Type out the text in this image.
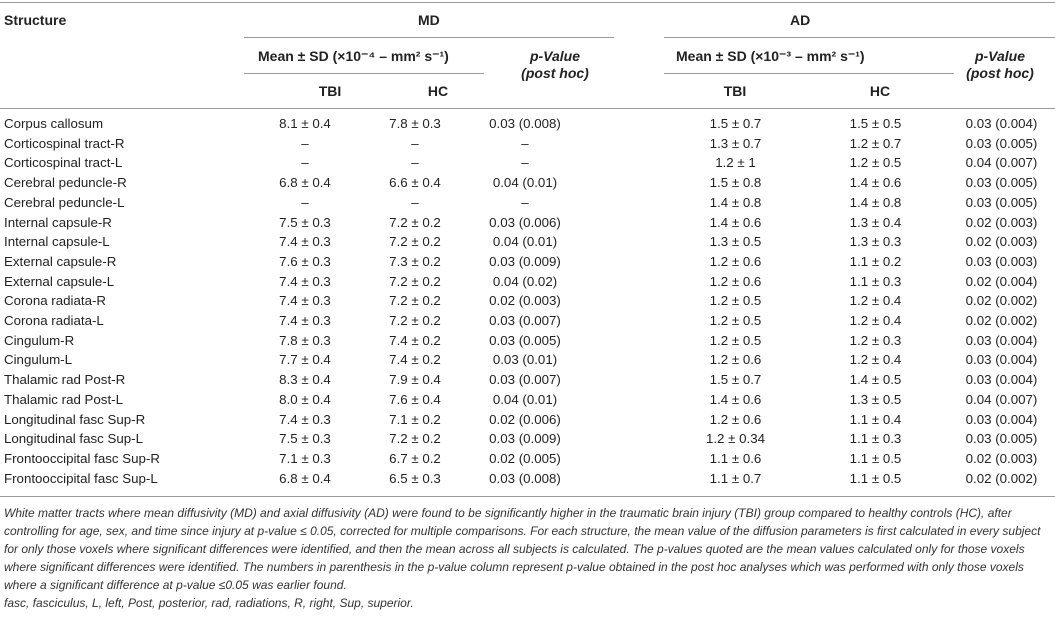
Structure	MD	AD
Mean ± SD (×10⁻⁴ – mm² s⁻¹)	p-Value
(post hoc)
Mean ± SD (×10⁻³ – mm² s⁻¹)	p-Value
(post hoc)
TBI	HC	TBI	HC
Corpus callosum	8.1 ± 0.4	7.8 ± 0.3	0.03 (0.008)		1.5 ± 0.7	1.5 ± 0.5	0.03 (0.004)
Corticospinal tract-R	–	–	–		1.3 ± 0.7	1.2 ± 0.7	0.03 (0.005)
Corticospinal tract-L	–	–	–		1.2 ± 1	1.2 ± 0.5	0.04 (0.007)
Cerebral peduncle-R	6.8 ± 0.4	6.6 ± 0.4	0.04 (0.01)		1.5 ± 0.8	1.4 ± 0.6	0.03 (0.005)
Cerebral peduncle-L	–	–	–		1.4 ± 0.8	1.4 ± 0.8	0.03 (0.005)
Internal capsule-R	7.5 ± 0.3	7.2 ± 0.2	0.03 (0.006)		1.4 ± 0.6	1.3 ± 0.4	0.02 (0.003)
Internal capsule-L	7.4 ± 0.3	7.2 ± 0.2	0.04 (0.01)		1.3 ± 0.5	1.3 ± 0.3	0.02 (0.003)
External capsule-R	7.6 ± 0.3	7.3 ± 0.2	0.03 (0.009)		1.2 ± 0.6	1.1 ± 0.2	0.03 (0.003)
External capsule-L	7.4 ± 0.3	7.2 ± 0.2	0.04 (0.02)		1.2 ± 0.6	1.1 ± 0.3	0.02 (0.004)
Corona radiata-R	7.4 ± 0.3	7.2 ± 0.2	0.02 (0.003)		1.2 ± 0.5	1.2 ± 0.4	0.02 (0.002)
Corona radiata-L	7.4 ± 0.3	7.2 ± 0.2	0.03 (0.007)		1.2 ± 0.5	1.2 ± 0.4	0.02 (0.002)
Cingulum-R	7.8 ± 0.3	7.4 ± 0.2	0.03 (0.005)		1.2 ± 0.5	1.2 ± 0.3	0.03 (0.004)
Cingulum-L	7.7 ± 0.4	7.4 ± 0.2	0.03 (0.01)		1.2 ± 0.6	1.2 ± 0.4	0.03 (0.004)
Thalamic rad Post-R	8.3 ± 0.4	7.9 ± 0.4	0.03 (0.007)		1.5 ± 0.7	1.4 ± 0.5	0.03 (0.004)
Thalamic rad Post-L	8.0 ± 0.4	7.6 ± 0.4	0.04 (0.01)		1.4 ± 0.6	1.3 ± 0.5	0.04 (0.007)
Longitudinal fasc Sup-R	7.4 ± 0.3	7.1 ± 0.2	0.02 (0.006)		1.2 ± 0.6	1.1 ± 0.4	0.03 (0.004)
Longitudinal fasc Sup-L	7.5 ± 0.3	7.2 ± 0.2	0.03 (0.009)		1.2 ± 0.34	1.1 ± 0.3	0.03 (0.005)
Frontooccipital fasc Sup-R	7.1 ± 0.3	6.7 ± 0.2	0.02 (0.005)		1.1 ± 0.6	1.1 ± 0.5	0.02 (0.003)
Frontooccipital fasc Sup-L	6.8 ± 0.4	6.5 ± 0.3	0.03 (0.008)		1.1 ± 0.7	1.1 ± 0.5	0.02 (0.002)

White matter tracts where mean diffusivity (MD) and axial diffusivity (AD) were found to be significantly higher in the traumatic brain injury (TBI) group compared to healthy controls (HC), after controlling for age, sex, and time since injury at p-value ≤ 0.05, corrected for multiple comparisons. For each structure, the mean value of the diffusion parameters is first calculated in every subject for only those voxels where significant differences were identified, and then the mean across all subjects is calculated. The p-values quoted are the mean values calculated only for those voxels where significant differences were identified. The numbers in parenthesis in the p-value column represent p-value obtained in the post hoc analyses which was performed with only those voxels where a significant difference at p-value ≤0.05 was earlier found.

fasc, fasciculus, L, left, Post, posterior, rad, radiations, R, right, Sup, superior.
